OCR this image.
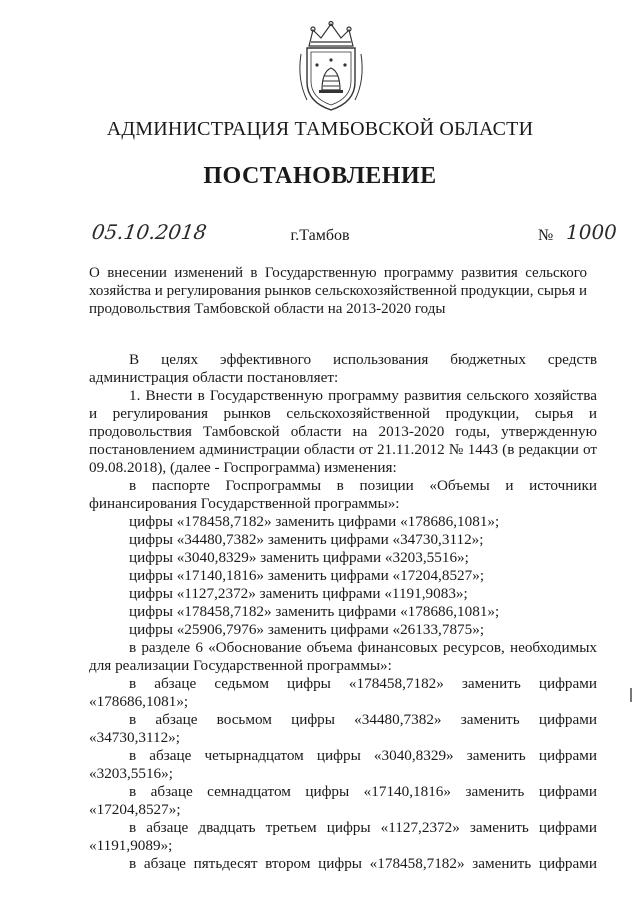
АДМИНИСТРАЦИЯ ТАМБОВСКОЙ ОБЛАСТИ
ПОСТАНОВЛЕНИЕ
05.10.2018	г.Тамбов	№ 1000
О внесении изменений в Государственную программу развития сельского хозяйства и регулирования рынков сельскохозяйственной продукции, сырья и продовольствия Тамбовской области на 2013-2020 годы

В целях эффективного использования бюджетных средств

администрация области постановляет:

1. Внести в Государственную программу развития сельского хозяйства

и регулирования рынков сельскохозяйственной продукции, сырья и

продовольствия Тамбовской области на 2013-2020 годы, утвержденную

постановлением администрации области от 21.11.2012 № 1443 (в редакции от

09.08.2018), (далее - Госпрограмма) изменения:

в паспорте Госпрограммы в позиции «Объемы и источники

финансирования Государственной программы»:

цифры «178458,7182» заменить цифрами «178686,1081»;

цифры «34480,7382» заменить цифрами «34730,3112»;

цифры «3040,8329» заменить цифрами «3203,5516»;

цифры «17140,1816» заменить цифрами «17204,8527»;

цифры «1127,2372» заменить цифрами «1191,9083»;

цифры «178458,7182» заменить цифрами «178686,1081»;

цифры «25906,7976» заменить цифрами «26133,7875»;

в разделе 6 «Обоснование объема финансовых ресурсов, необходимых

для реализации Государственной программы»:

в абзаце седьмом цифры «178458,7182» заменить цифрами

«178686,1081»;

в абзаце восьмом цифры «34480,7382» заменить цифрами

«34730,3112»;

в абзаце четырнадцатом цифры «3040,8329» заменить цифрами

«3203,5516»;

в абзаце семнадцатом цифры «17140,1816» заменить цифрами

«17204,8527»;

в абзаце двадцать третьем цифры «1127,2372» заменить цифрами

«1191,9089»;

в абзаце пятьдесят втором цифры «178458,7182» заменить цифрами
